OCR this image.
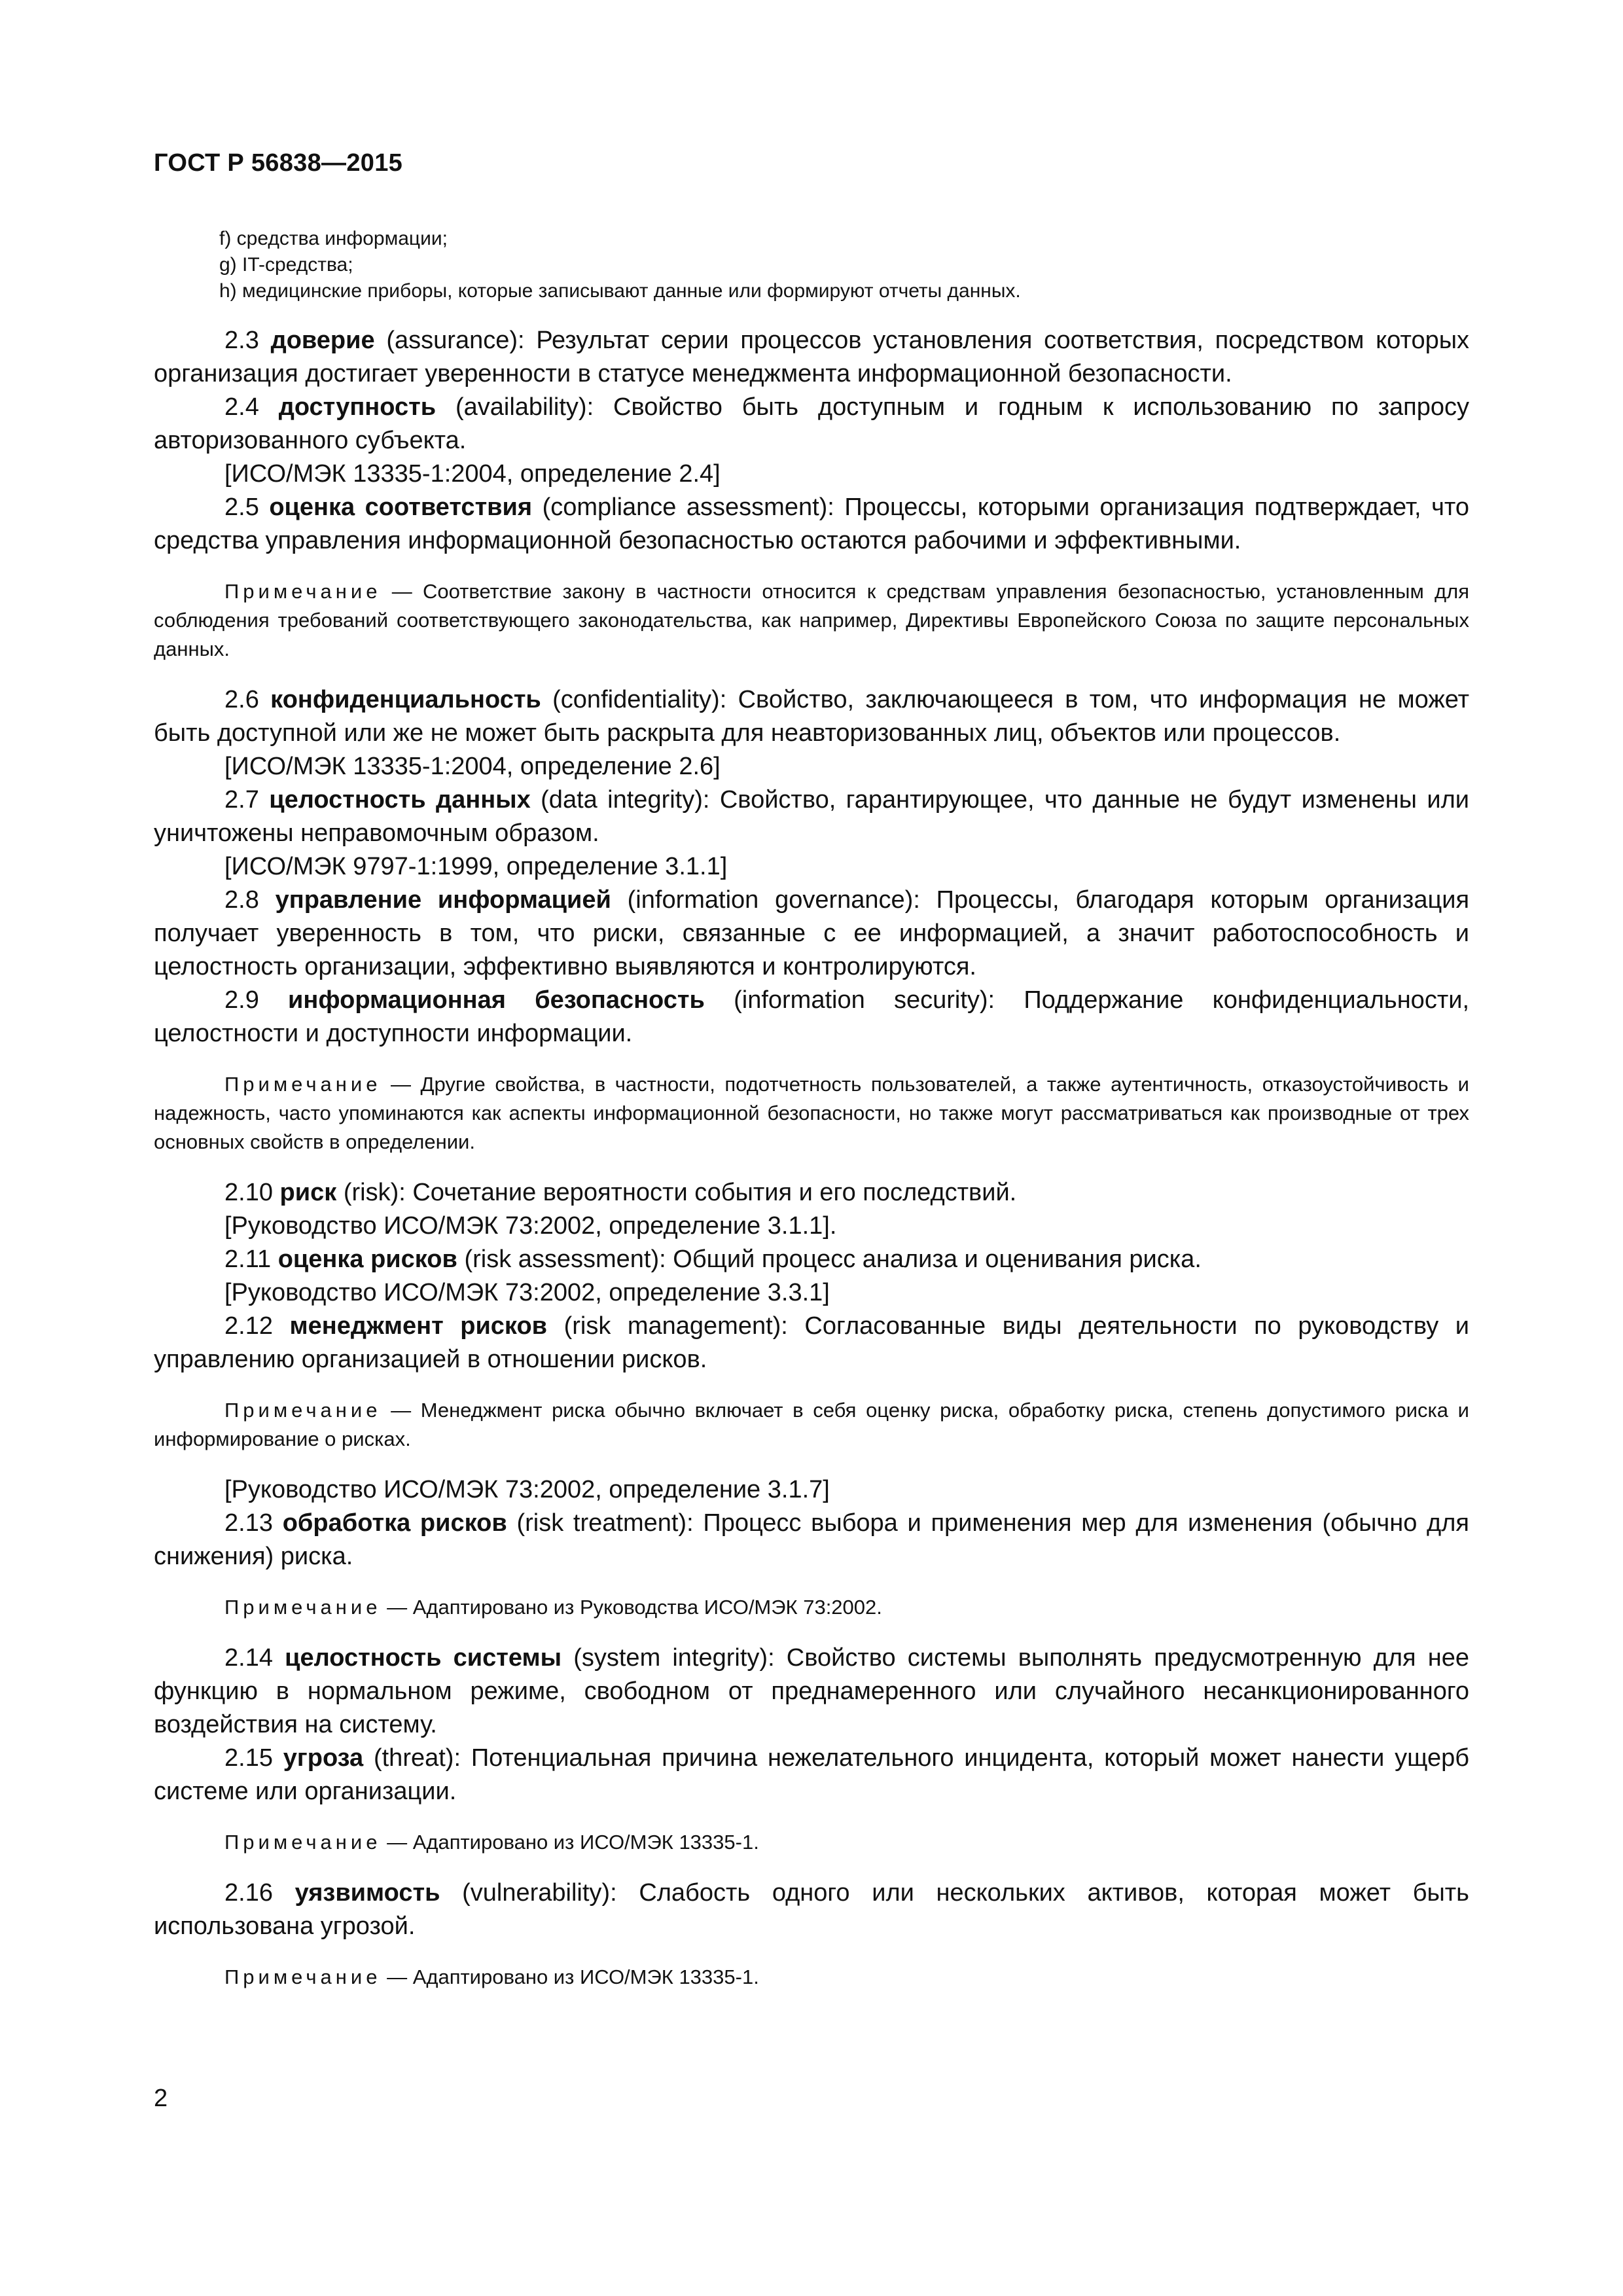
ГОСТ Р 56838—2015

f) средства информации;

g) IT-средства;

h) медицинские приборы, которые записывают данные или формируют отчеты данных.

2.3 доверие (assurance): Результат серии процессов установления соответствия, посредством которых организация достигает уверенности в статусе менеджмента информационной безопасности.

2.4 доступность (availability): Свойство быть доступным и годным к использованию по запросу авторизованного субъекта.

[ИСО/МЭК 13335-1:2004, определение 2.4]

2.5 оценка соответствия (compliance assessment): Процессы, которыми организация подтверждает, что средства управления информационной безопасностью остаются рабочими и эффективными.

Примечание — Соответствие закону в частности относится к средствам управления безопасностью, установленным для соблюдения требований соответствующего законодательства, как например, Директивы Европейского Союза по защите персональных данных.

2.6 конфиденциальность (confidentiality): Свойство, заключающееся в том, что информация не может быть доступной или же не может быть раскрыта для неавторизованных лиц, объектов или процессов.

[ИСО/МЭК 13335-1:2004, определение 2.6]

2.7 целостность данных (data integrity): Свойство, гарантирующее, что данные не будут изменены или уничтожены неправомочным образом.

[ИСО/МЭК 9797-1:1999, определение 3.1.1]

2.8 управление информацией (information governance): Процессы, благодаря которым организация получает уверенность в том, что риски, связанные с ее информацией, а значит работоспособность и целостность организации, эффективно выявляются и контролируются.

2.9 информационная безопасность (information security): Поддержание конфиденциальности, целостности и доступности информации.

Примечание — Другие свойства, в частности, подотчетность пользователей, а также аутентичность, отказоустойчивость и надежность, часто упоминаются как аспекты информационной безопасности, но также могут рассматриваться как производные от трех основных свойств в определении.

2.10 риск (risk): Сочетание вероятности события и его последствий.

[Руководство ИСО/МЭК 73:2002, определение 3.1.1].

2.11 оценка рисков (risk assessment): Общий процесс анализа и оценивания риска.

[Руководство ИСО/МЭК 73:2002, определение 3.3.1]

2.12 менеджмент рисков (risk management): Согласованные виды деятельности по руководству и управлению организацией в отношении рисков.

Примечание — Менеджмент риска обычно включает в себя оценку риска, обработку риска, степень допустимого риска и информирование о рисках.

[Руководство ИСО/МЭК 73:2002, определение 3.1.7]

2.13 обработка рисков (risk treatment): Процесс выбора и применения мер для изменения (обычно для снижения) риска.

Примечание — Адаптировано из Руководства ИСО/МЭК 73:2002.

2.14 целостность системы (system integrity): Свойство системы выполнять предусмотренную для нее функцию в нормальном режиме, свободном от преднамеренного или случайного несанкционированного воздействия на систему.

2.15 угроза (threat): Потенциальная причина нежелательного инцидента, который может нанести ущерб системе или организации.

Примечание — Адаптировано из ИСО/МЭК 13335-1.

2.16 уязвимость (vulnerability): Слабость одного или нескольких активов, которая может быть использована угрозой.

Примечание — Адаптировано из ИСО/МЭК 13335-1.

2
